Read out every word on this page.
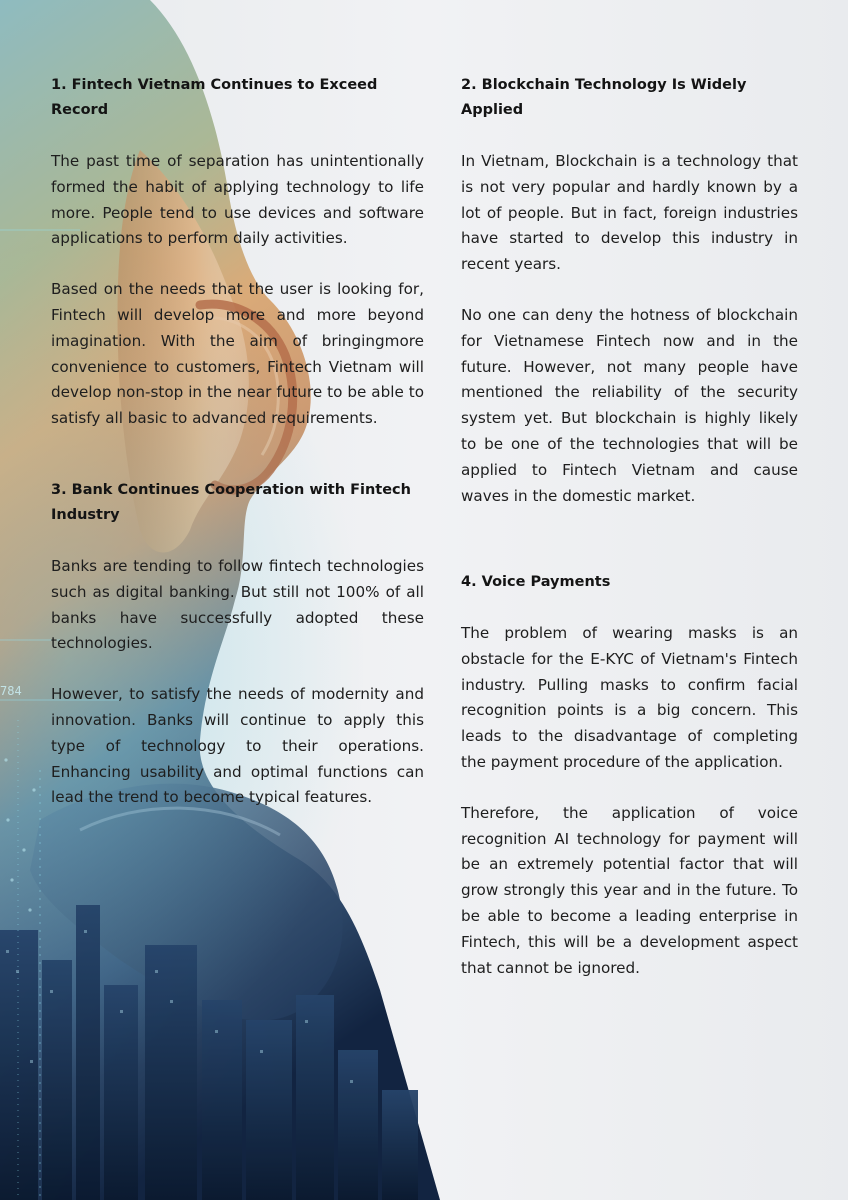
784
1. Fintech Vietnam Continues to Exceed Record

The past time of separation has unintentionally formed the habit of applying technology to life more. People tend to use devices and software applications to perform daily activities.

Based on the needs that the user is looking for, Fintech will develop more and more beyond imagination. With the aim of bringingmore convenience to customers, Fintech Vietnam will develop non-stop in the near future to be able to satisfy all basic to advanced requirements.

2. Blockchain Technology Is Widely Applied

In Vietnam, Blockchain is a technology that is not very popular and hardly known by a lot of people. But in fact, foreign industries have started to develop this industry in recent years.

No one can deny the hotness of blockchain for Vietnamese Fintech now and in the future. However, not many people have mentioned the reliability of the security system yet. But blockchain is highly likely to be one of the technologies that will be applied to Fintech Vietnam and cause waves in the domestic market.

3. Bank Continues Cooperation with Fintech Industry

Banks are tending to follow fintech technologies such as digital banking. But still not 100% of all banks have successfully adopted these technologies.

However, to satisfy the needs of modernity and innovation. Banks will continue to apply this type of technology to their operations. Enhancing usability and optimal functions can lead the trend to become typical features.

4. Voice Payments

The problem of wearing masks is an obstacle for the E-KYC of Vietnam's Fintech industry. Pulling masks to confirm facial recognition points is a big concern. This leads to the disadvantage of completing the payment procedure of the application.

Therefore, the application of voice recognition AI technology for payment will be an extremely potential factor that will grow strongly this year and in the future. To be able to become a leading enterprise in Fintech, this will be a development aspect that cannot be ignored.
